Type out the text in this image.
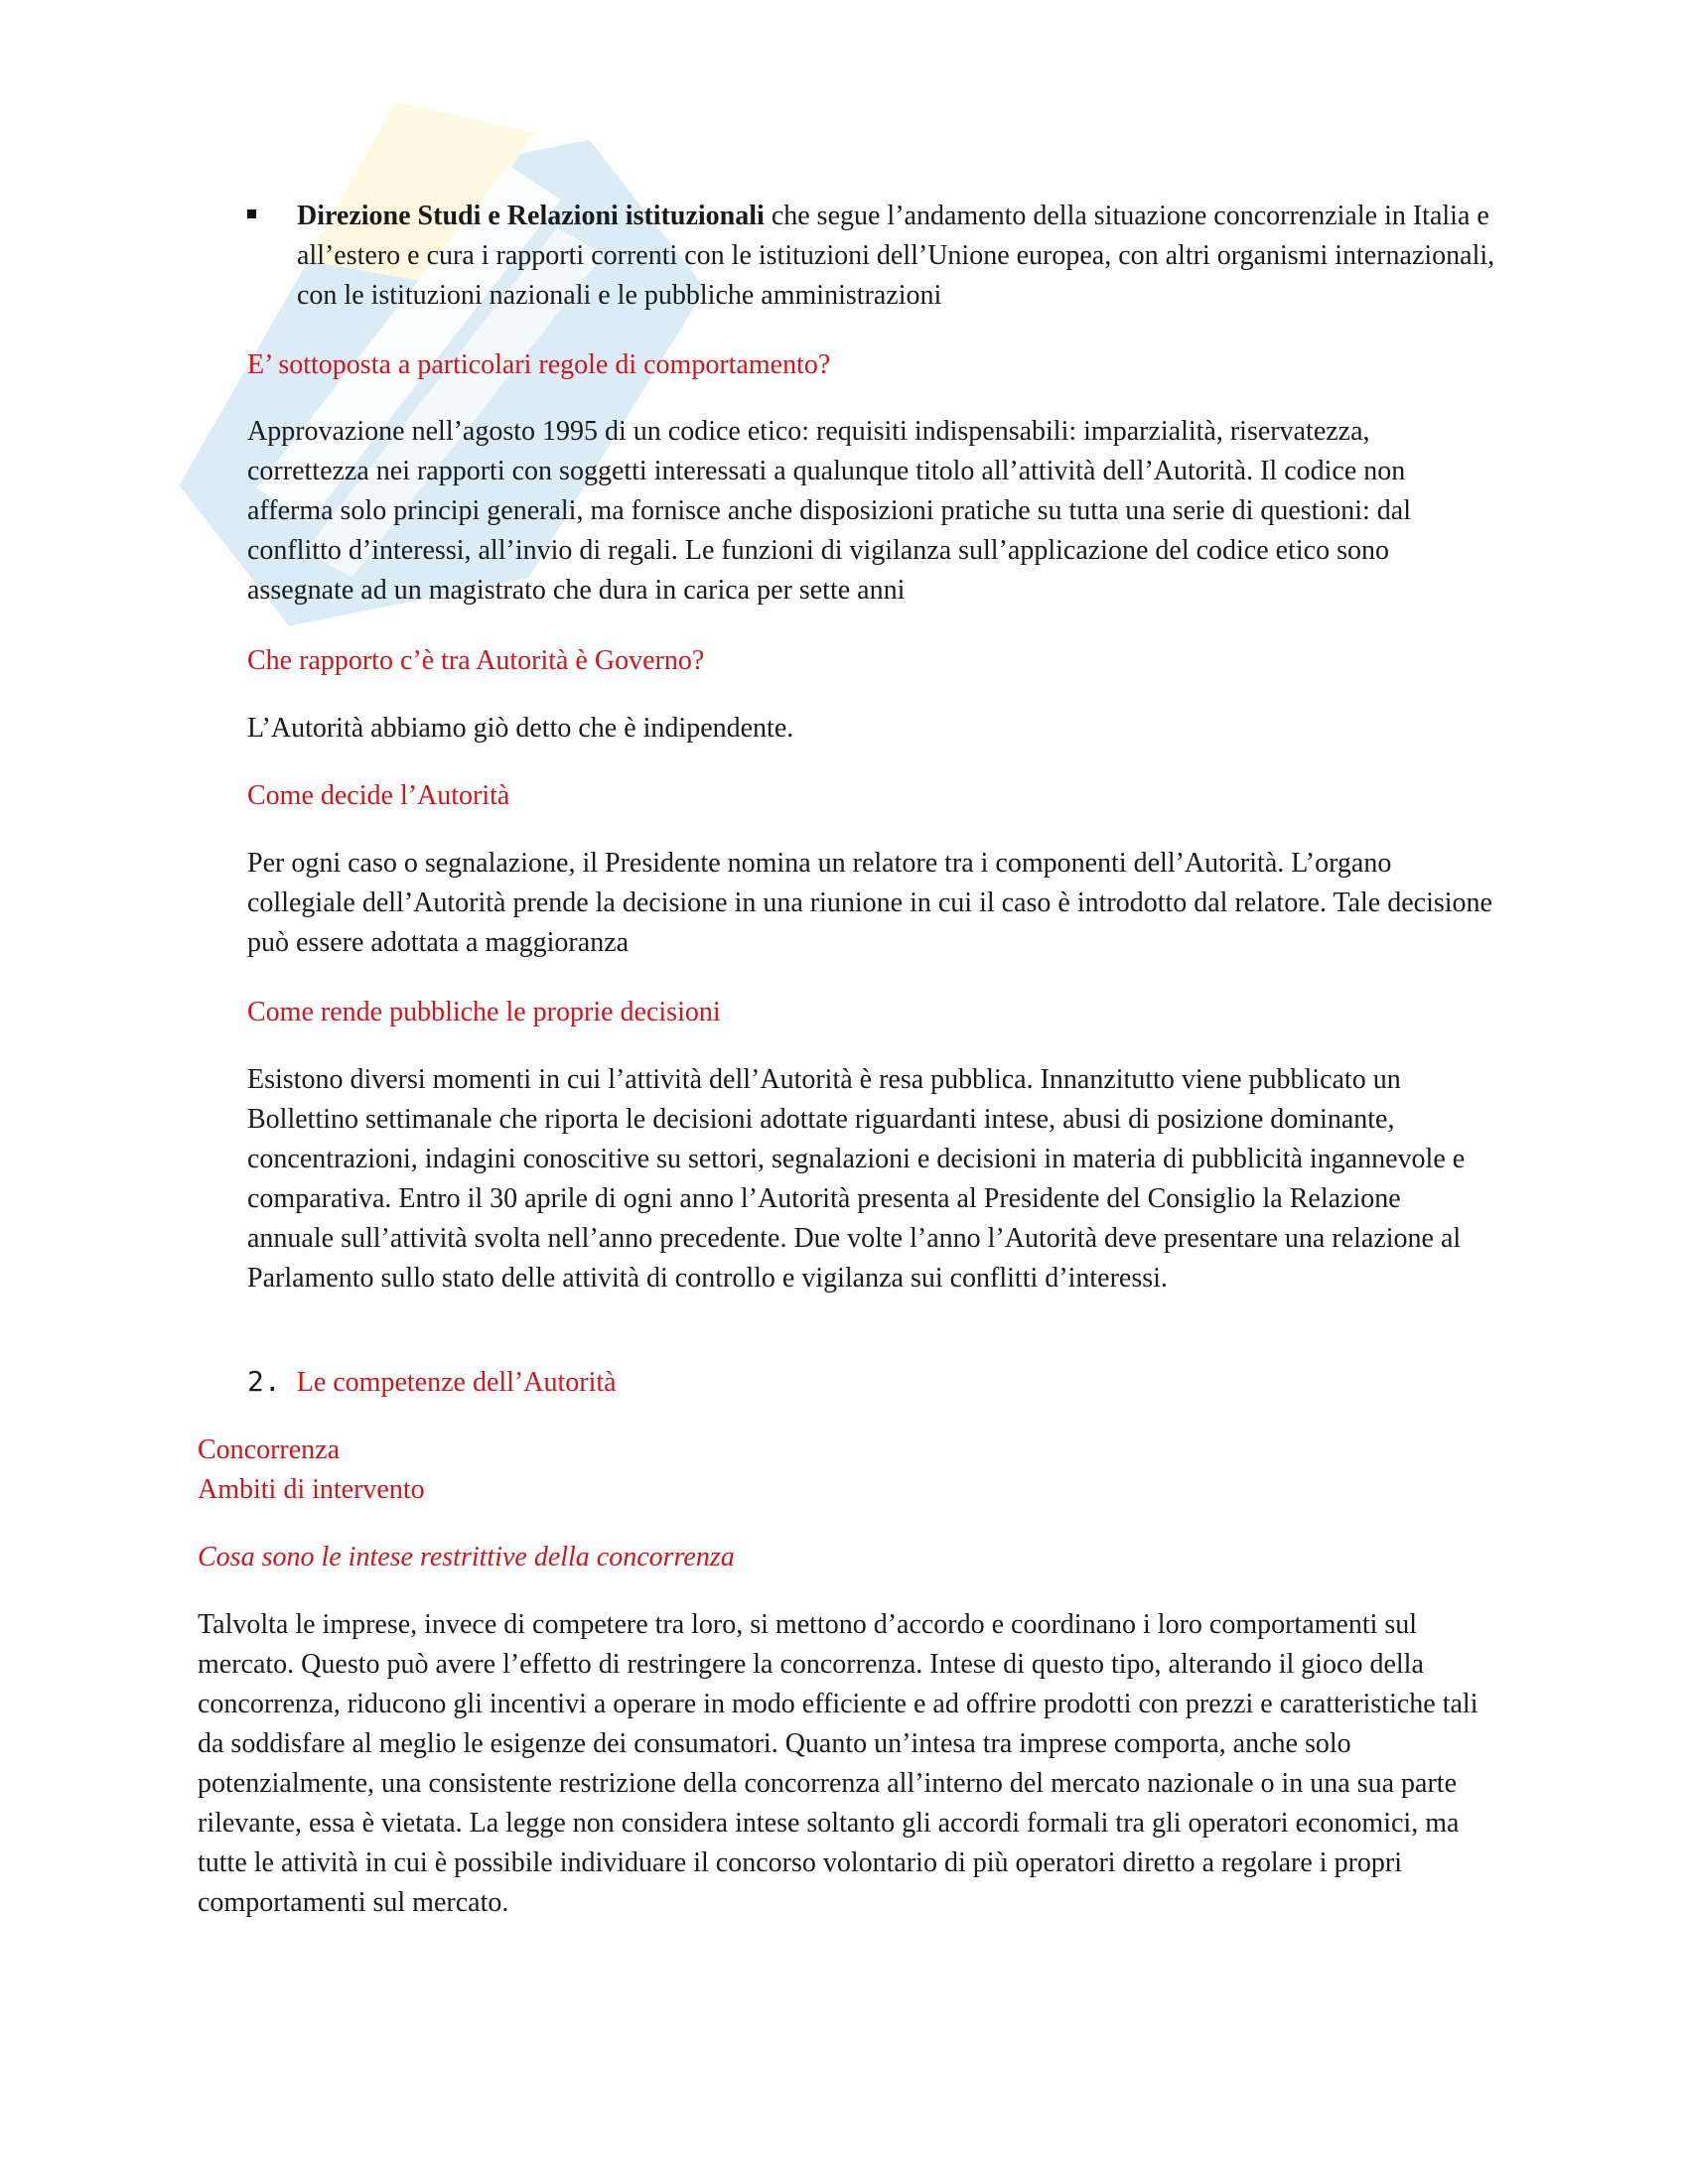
Direzione Studi e Relazioni istituzionali che segue l’andamento della situazione concorrenziale in Italia e all’estero e cura i rapporti correnti con le istituzioni dell’Unione europea, con altri organismi internazionali, con le istituzioni nazionali e le pubbliche amministrazioni

E’ sottoposta a particolari regole di comportamento?

Approvazione nell’agosto 1995 di un codice etico: requisiti indispensabili: imparzialità, riservatezza, correttezza nei rapporti con soggetti interessati a qualunque titolo all’attività dell’Autorità. Il codice non afferma solo principi generali, ma fornisce anche disposizioni pratiche su tutta una serie di questioni: dal conflitto d’interessi, all’invio di regali. Le funzioni di vigilanza sull’applicazione del codice etico sono assegnate ad un magistrato che dura in carica per sette anni

Che rapporto c’è tra Autorità è Governo?

L’Autorità abbiamo giò detto che è indipendente.

Come decide l’Autorità

Per ogni caso o segnalazione, il Presidente nomina un relatore tra i componenti dell’Autorità. L’organo collegiale dell’Autorità prende la decisione in una riunione in cui il caso è introdotto dal relatore. Tale decisione può essere adottata a maggioranza

Come rende pubbliche le proprie decisioni

Esistono diversi momenti in cui l’attività dell’Autorità è resa pubblica. Innanzitutto viene pubblicato un Bollettino settimanale che riporta le decisioni adottate riguardanti intese, abusi di posizione dominante, concentrazioni, indagini conoscitive su settori, segnalazioni e decisioni in materia di pubblicità ingannevole e comparativa. Entro il 30 aprile di ogni anno l’Autorità presenta al Presidente del Consiglio la Relazione annuale sull’attività svolta nell’anno precedente. Due volte l’anno l’Autorità deve presentare una relazione al Parlamento sullo stato delle attività di controllo e vigilanza sui conflitti d’interessi.

2. Le competenze dell’Autorità

Concorrenza

Ambiti di intervento

Cosa sono le intese restrittive della concorrenza

Talvolta le imprese, invece di competere tra loro, si mettono d’accordo e coordinano i loro comportamenti sul mercato. Questo può avere l’effetto di restringere la concorrenza. Intese di questo tipo, alterando il gioco della concorrenza, riducono gli incentivi a operare in modo efficiente e ad offrire prodotti con prezzi e caratteristiche tali da soddisfare al meglio le esigenze dei consumatori. Quanto un’intesa tra imprese comporta, anche solo potenzialmente, una consistente restrizione della concorrenza all’interno del mercato nazionale o in una sua parte rilevante, essa è vietata. La legge non considera intese soltanto gli accordi formali tra gli operatori economici, ma tutte le attività in cui è possibile individuare il concorso volontario di più operatori diretto a regolare i propri comportamenti sul mercato.
